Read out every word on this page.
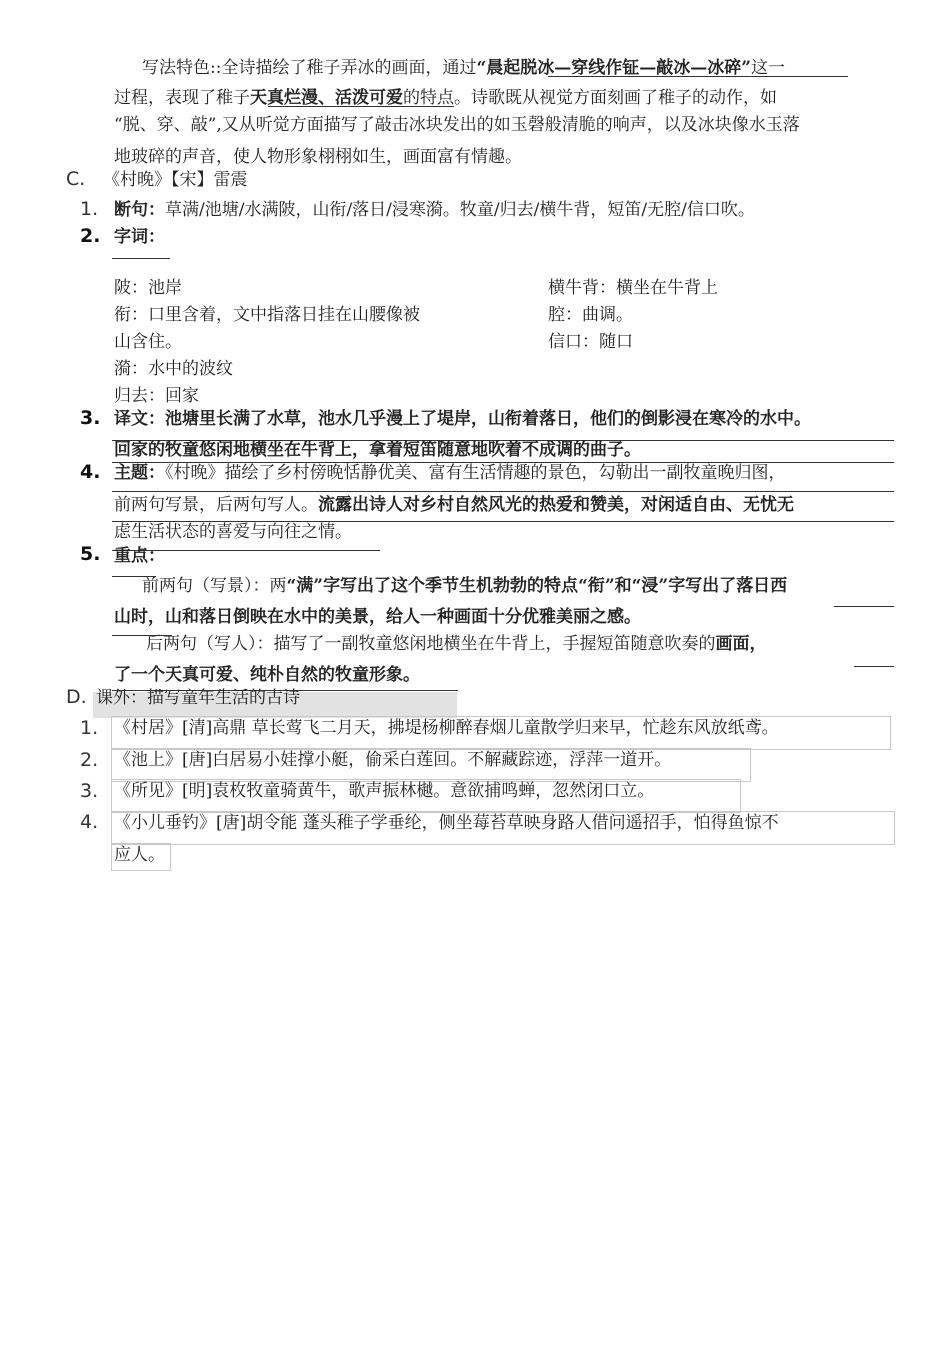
写法特色::全诗描绘了稚子弄冰的画面，通过“晨起脱冰—穿线作钲—敲冰—冰碎”这一
过程，表现了稚子天真烂漫、活泼可爱的特点。诗歌既从视觉方面刻画了稚子的动作，如
“脱、穿、敲”,又从听觉方面描写了敲击冰块发出的如玉磬般清脆的响声，以及冰块像水玉落
地玻碎的声音，使人物形象栩栩如生，画面富有情趣。
C. 《村晚》【宋】雷震
1. 断句：草满/池塘/水满陂，山衔/落日/浸寒漪。牧童/归去/横牛背，短笛/无腔/信口吹。
2. 字词：
陂：池岸
衔：口里含着，文中指落日挂在山腰像被
山含住。
漪：水中的波纹
归去：回家
横牛背：横坐在牛背上
腔：曲调。
信口：随口
3. 译文：池塘里长满了水草，池水几乎漫上了堤岸，山衔着落日，他们的倒影浸在寒冷的水中。
回家的牧童悠闲地横坐在牛背上，拿着短笛随意地吹着不成调的曲子。
4. 主题：《村晚》描绘了乡村傍晚恬静优美、富有生活情趣的景色，勾勒出一副牧童晚归图，
前两句写景，后两句写人。流露出诗人对乡村自然风光的热爱和赞美，对闲适自由、无忧无
虑生活状态的喜爱与向往之情。
5. 重点：
前两句（写景）：两“满”字写出了这个季节生机勃勃的特点“衔”和“浸”字写出了落日西
山时，山和落日倒映在水中的美景，给人一种画面十分优雅美丽之感。
后两句（写人）：描写了一副牧童悠闲地横坐在牛背上，手握短笛随意吹奏的画面，
了一个天真可爱、纯朴自然的牧童形象。
D. 课外：描写童年生活的古诗
1. 《村居》[清]高鼎 草长莺飞二月天，拂堤杨柳醉春烟儿童散学归来早，忙趁东风放纸鸢。
2. 《池上》[唐]白居易小娃撑小艇，偷采白莲回。不解藏踪迹，浮萍一道开。
3. 《所见》[明]袁枚牧童骑黄牛，歌声振林樾。意欲捕鸣蝉，忽然闭口立。
4. 《小儿垂钓》[唐]胡令能 蓬头稚子学垂纶，侧坐莓苔草映身路人借问遥招手，怕得鱼惊不
应人。
